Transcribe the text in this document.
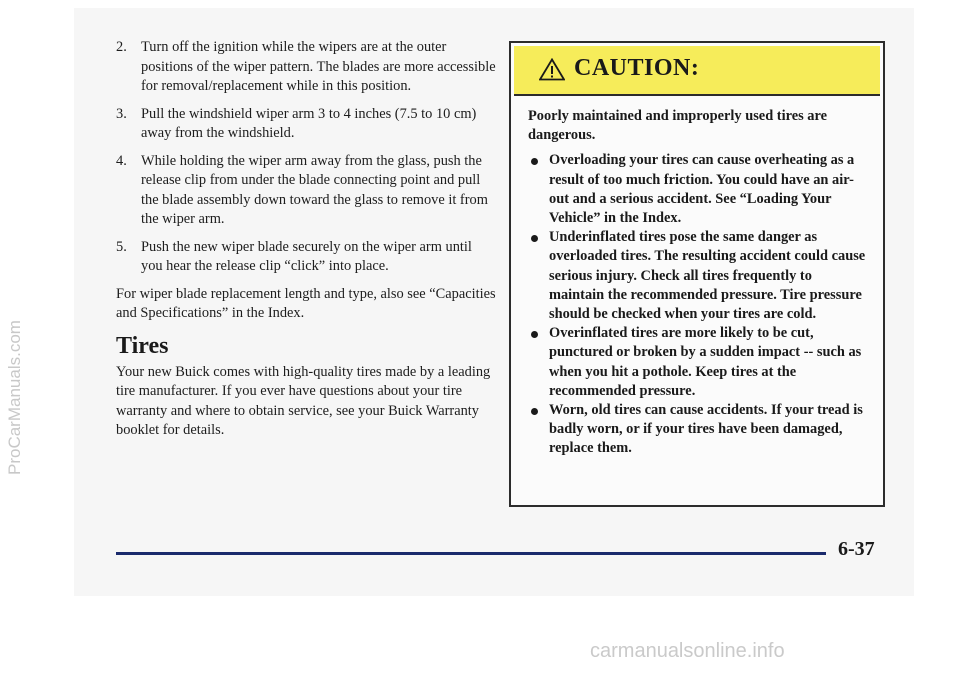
2. Turn off the ignition while the wipers are at the outer positions of the wiper pattern. The blades are more accessible for removal/replacement while in this position.
3. Pull the windshield wiper arm 3 to 4 inches (7.5 to 10 cm) away from the windshield.
4. While holding the wiper arm away from the glass, push the release clip from under the blade connecting point and pull the blade assembly down toward the glass to remove it from the wiper arm.
5. Push the new wiper blade securely on the wiper arm until you hear the release clip “click” into place.

For wiper blade replacement length and type, also see “Capacities and Specifications” in the Index.

Tires

Your new Buick comes with high-quality tires made by a leading tire manufacturer. If you ever have questions about your tire warranty and where to obtain service, see your Buick Warranty booklet for details.

CAUTION:

Poorly maintained and improperly used tires are dangerous.

Overloading your tires can cause overheating as a result of too much friction. You could have an air-out and a serious accident. See “Loading Your Vehicle” in the Index.
Underinflated tires pose the same danger as overloaded tires. The resulting accident could cause serious injury. Check all tires frequently to maintain the recommended pressure. Tire pressure should be checked when your tires are cold.
Overinflated tires are more likely to be cut, punctured or broken by a sudden impact -- such as when you hit a pothole. Keep tires at the recommended pressure.
Worn, old tires can cause accidents. If your tread is badly worn, or if your tires have been damaged, replace them.
6-37
ProCarManuals.com
carmanualsonline.info
